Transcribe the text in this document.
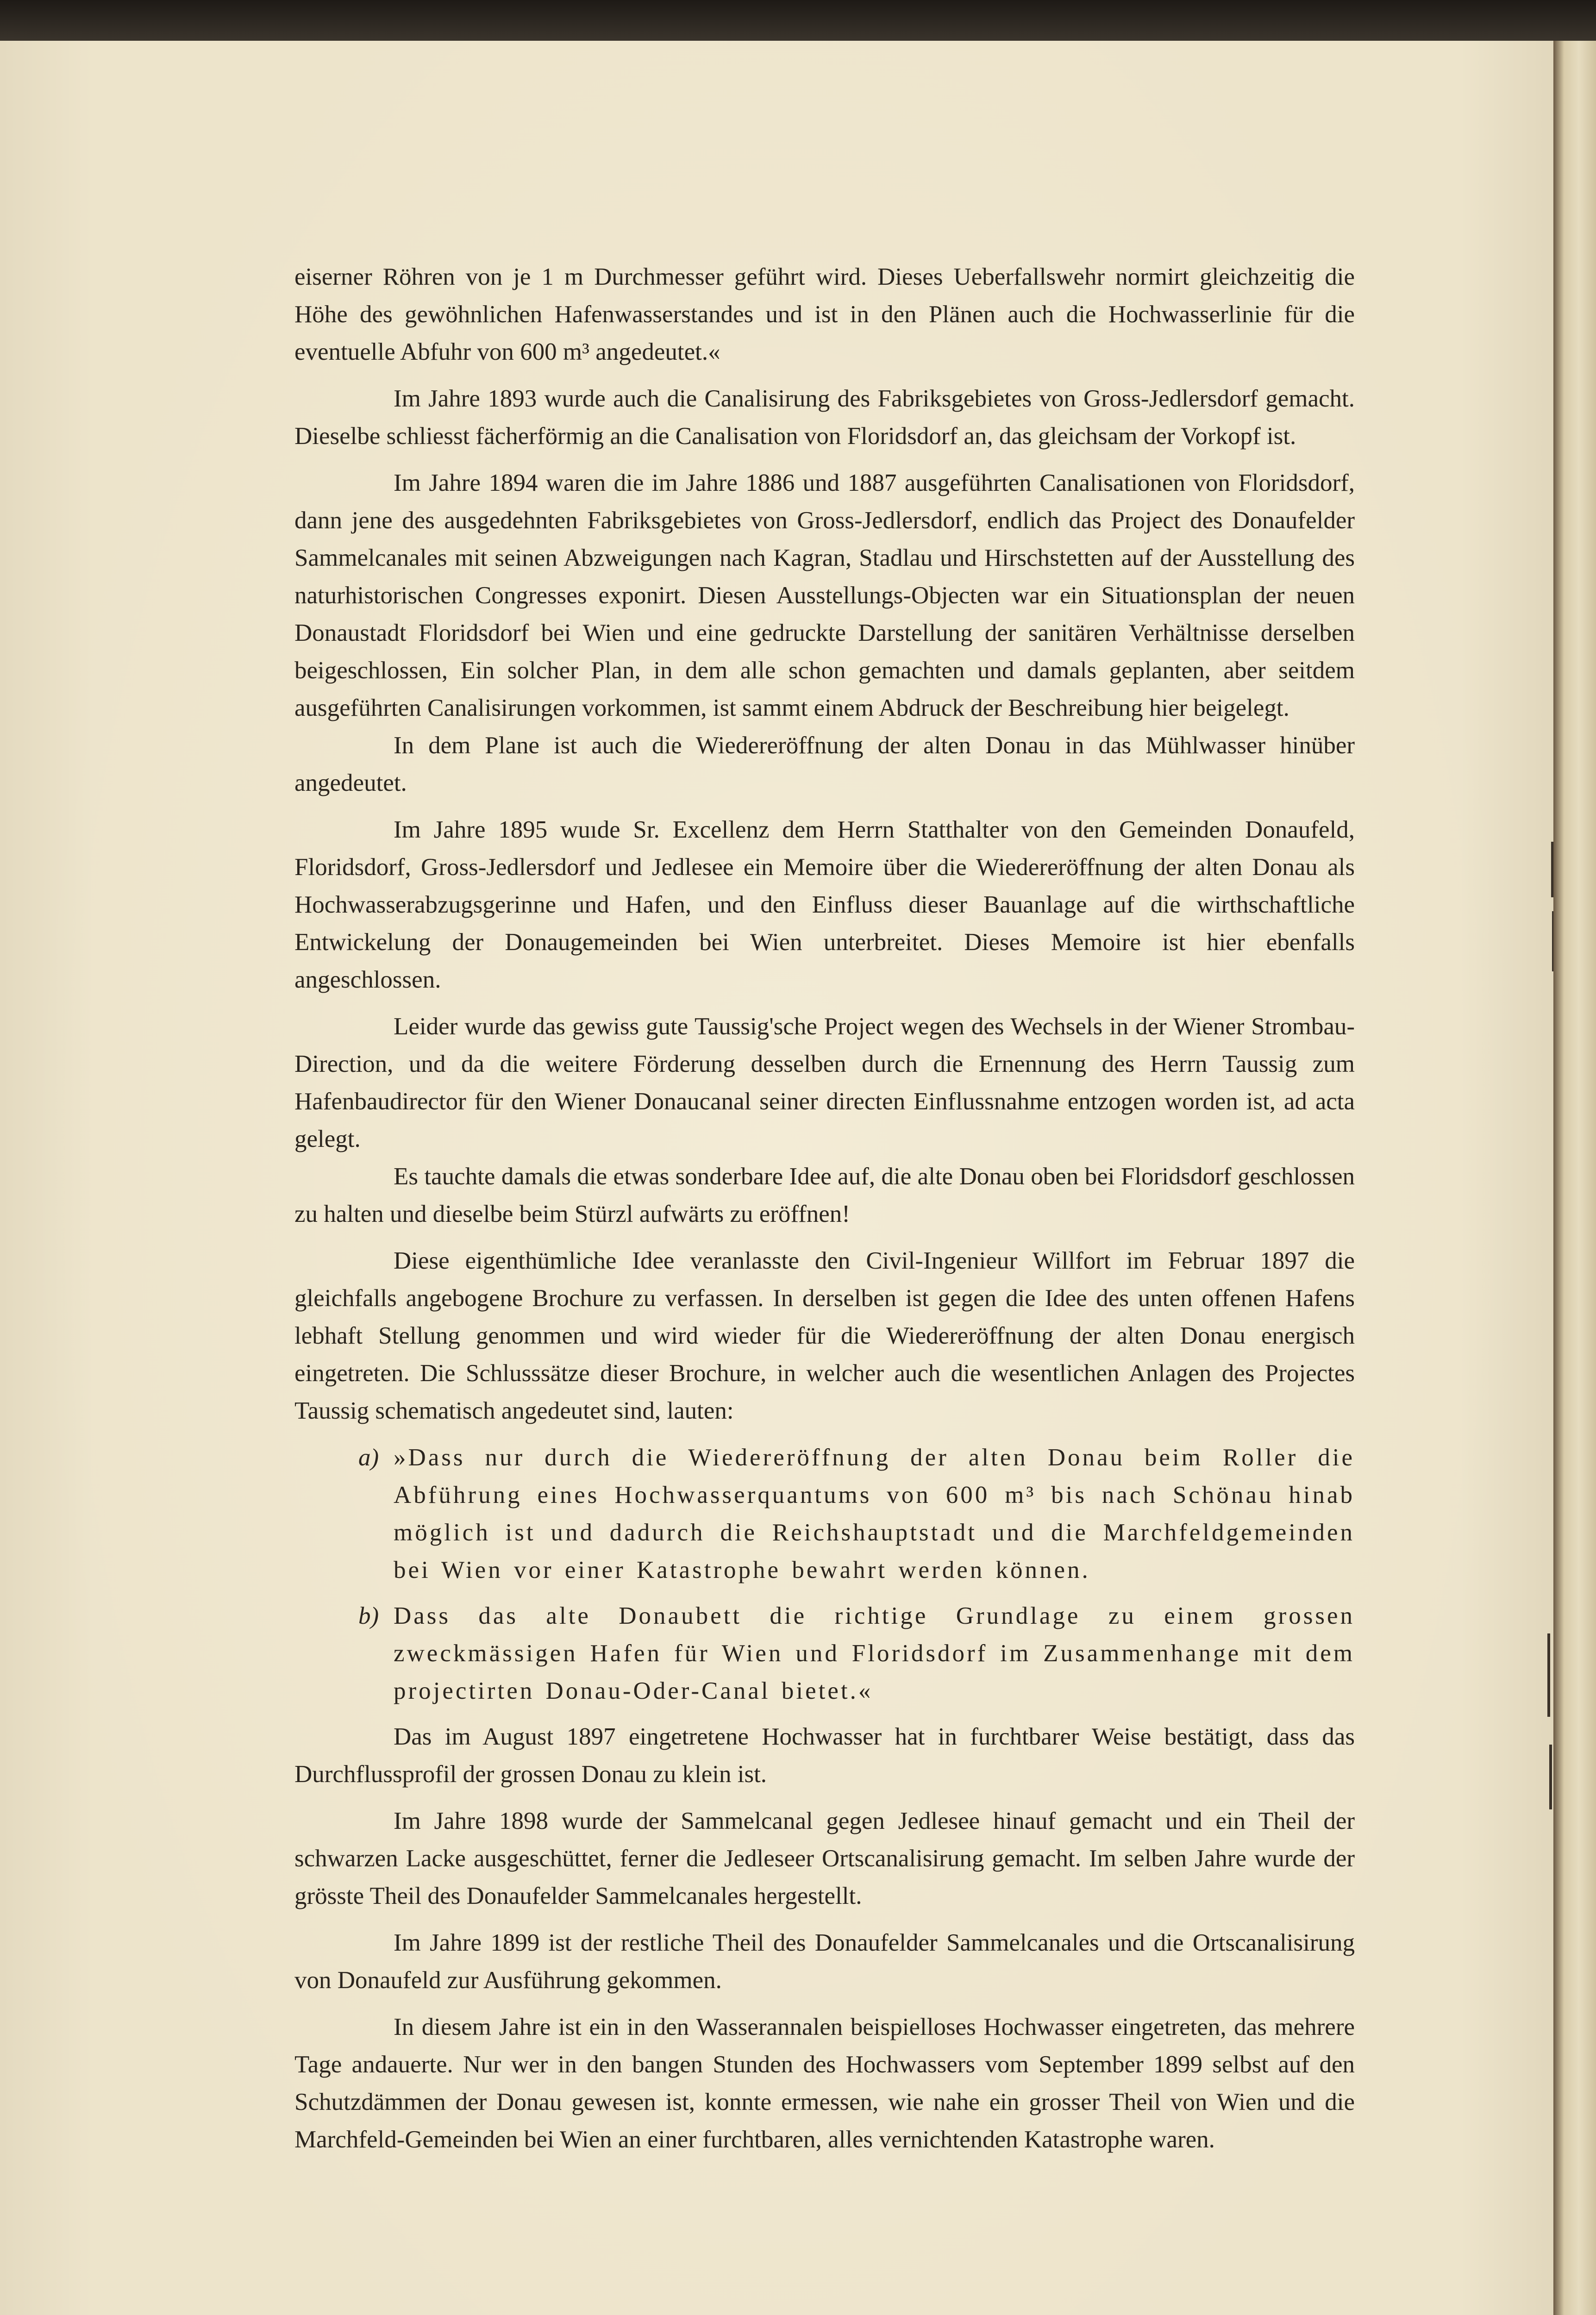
eiserner Röhren von je 1 m Durchmesser geführt wird. Dieses Ueberfallswehr normirt gleichzeitig die Höhe des gewöhnlichen Hafenwasserstandes und ist in den Plänen auch die Hochwasserlinie für die eventuelle Abfuhr von 600 m³ angedeutet.«

Im Jahre 1893 wurde auch die Canalisirung des Fabriksgebietes von Gross-Jedlersdorf gemacht. Dieselbe schliesst fächerförmig an die Canalisation von Floridsdorf an, das gleichsam der Vorkopf ist.

Im Jahre 1894 waren die im Jahre 1886 und 1887 ausgeführten Canalisationen von Floridsdorf, dann jene des ausgedehnten Fabriksgebietes von Gross-Jedlersdorf, endlich das Project des Donaufelder Sammelcanales mit seinen Abzweigungen nach Kagran, Stadlau und Hirschstetten auf der Ausstellung des naturhistorischen Congresses exponirt. Diesen Ausstellungs-Objecten war ein Situationsplan der neuen Donaustadt Floridsdorf bei Wien und eine gedruckte Darstellung der sanitären Verhältnisse derselben beigeschlossen, Ein solcher Plan, in dem alle schon gemachten und damals geplanten, aber seitdem ausgeführten Canalisirungen vorkommen, ist sammt einem Abdruck der Beschreibung hier beigelegt.

In dem Plane ist auch die Wiedereröffnung der alten Donau in das Mühlwasser hinüber angedeutet.

Im Jahre 1895 wuıde Sr. Excellenz dem Herrn Statthalter von den Gemeinden Donaufeld, Floridsdorf, Gross-Jedlersdorf und Jedlesee ein Memoire über die Wiedereröffnung der alten Donau als Hochwasserabzugsgerinne und Hafen, und den Einfluss dieser Bauanlage auf die wirthschaftliche Entwickelung der Donaugemeinden bei Wien unterbreitet. Dieses Memoire ist hier ebenfalls angeschlossen.

Leider wurde das gewiss gute Taussig'sche Project wegen des Wechsels in der Wiener Strombau-Direction, und da die weitere Förderung desselben durch die Ernennung des Herrn Taussig zum Hafenbaudirector für den Wiener Donaucanal seiner directen Einflussnahme entzogen worden ist, ad acta gelegt.

Es tauchte damals die etwas sonderbare Idee auf, die alte Donau oben bei Floridsdorf geschlossen zu halten und dieselbe beim Stürzl aufwärts zu eröffnen!

Diese eigenthümliche Idee veranlasste den Civil-Ingenieur Willfort im Februar 1897 die gleichfalls angebogene Brochure zu verfassen. In derselben ist gegen die Idee des unten offenen Hafens lebhaft Stellung genommen und wird wieder für die Wiedereröffnung der alten Donau energisch eingetreten. Die Schlusssätze dieser Brochure, in welcher auch die wesentlichen Anlagen des Projectes Taussig schematisch angedeutet sind, lauten:

a) »Dass nur durch die Wiedereröffnung der alten Donau beim Roller die Abführung eines Hochwasserquantums von 600 m³ bis nach Schönau hinab möglich ist und dadurch die Reichshauptstadt und die Marchfeldgemeinden bei Wien vor einer Katastrophe bewahrt werden können.
b) Dass das alte Donaubett die richtige Grundlage zu einem grossen zweckmässigen Hafen für Wien und Floridsdorf im Zusammenhange mit dem projectirten Donau-Oder-Canal bietet.«

Das im August 1897 eingetretene Hochwasser hat in furchtbarer Weise bestätigt, dass das Durchflussprofil der grossen Donau zu klein ist.

Im Jahre 1898 wurde der Sammelcanal gegen Jedlesee hinauf gemacht und ein Theil der schwarzen Lacke ausgeschüttet, ferner die Jedleseer Ortscanalisirung gemacht. Im selben Jahre wurde der grösste Theil des Donaufelder Sammelcanales hergestellt.

Im Jahre 1899 ist der restliche Theil des Donaufelder Sammelcanales und die Ortscanalisirung von Donaufeld zur Ausführung gekommen.

In diesem Jahre ist ein in den Wasserannalen beispielloses Hochwasser eingetreten, das mehrere Tage andauerte. Nur wer in den bangen Stunden des Hochwassers vom September 1899 selbst auf den Schutzdämmen der Donau gewesen ist, konnte ermessen, wie nahe ein grosser Theil von Wien und die Marchfeld-Gemeinden bei Wien an einer furchtbaren, alles vernichtenden Katastrophe waren.
